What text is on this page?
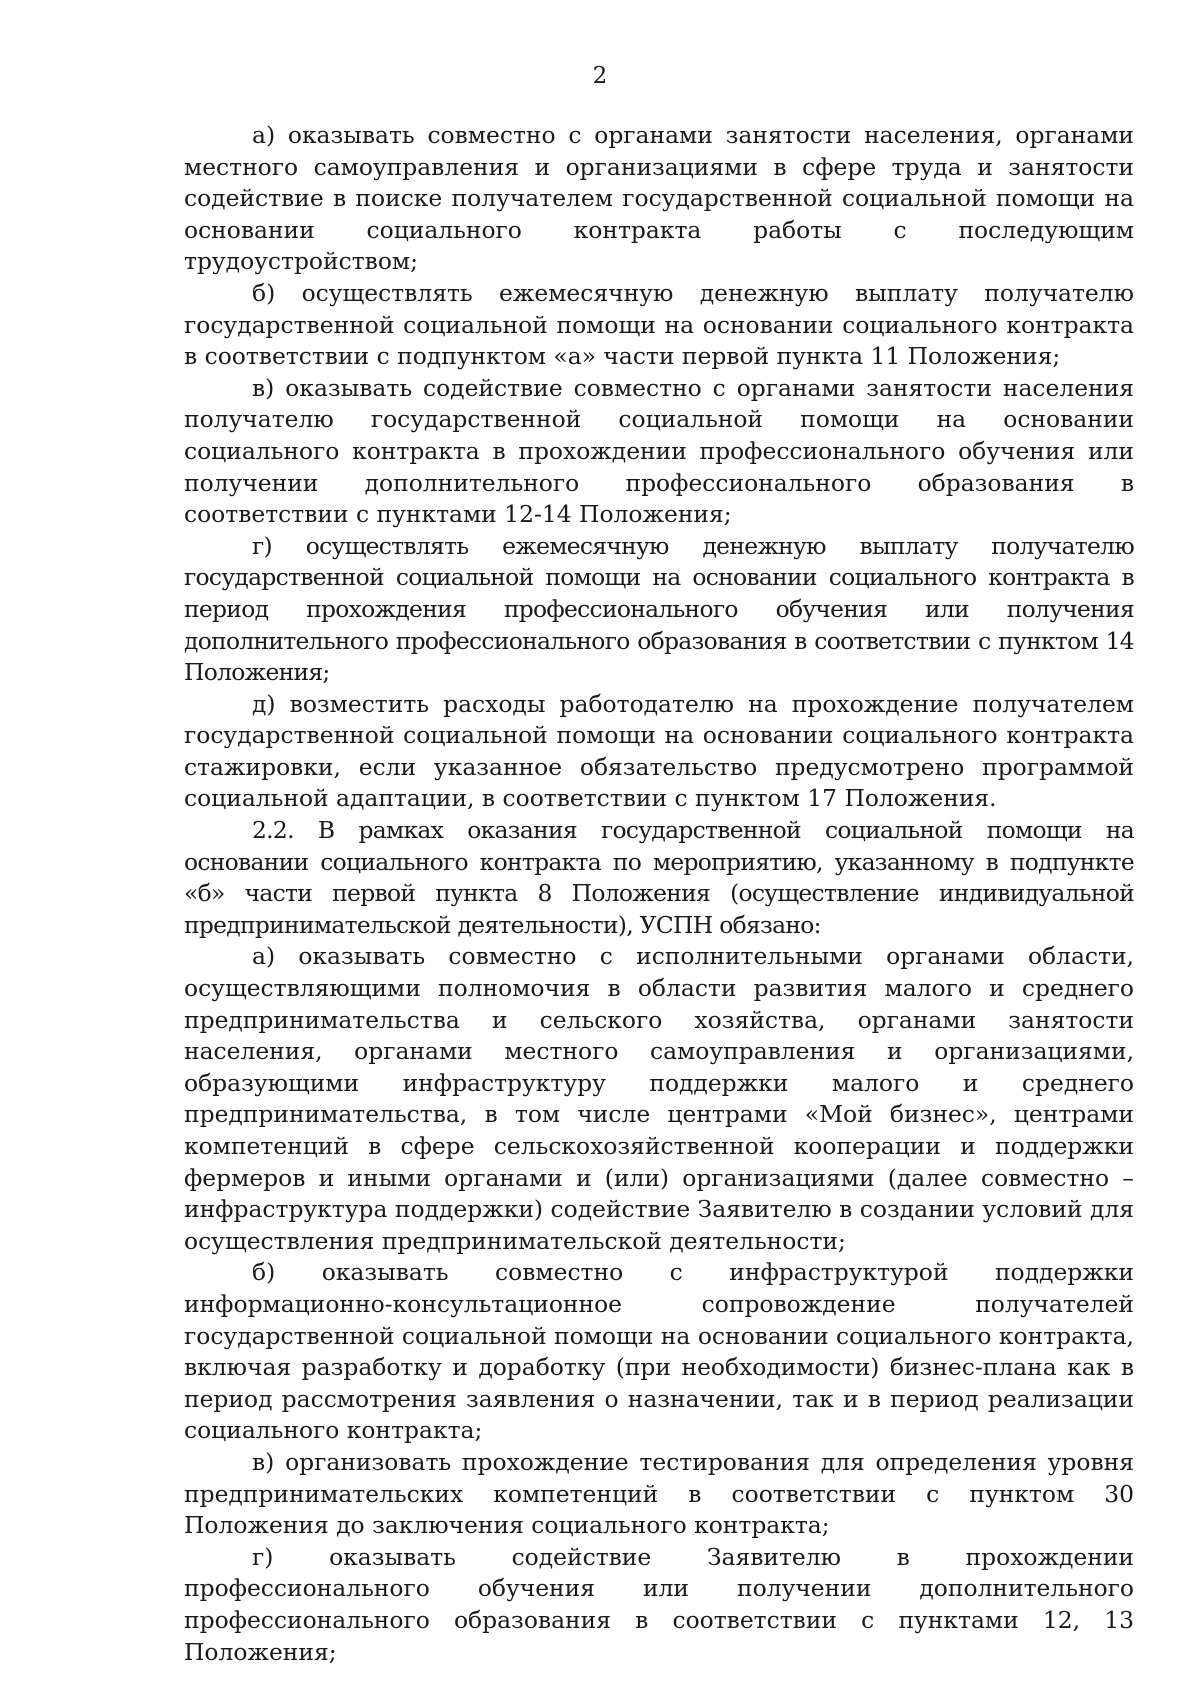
2

а) оказывать совместно с органами занятости населения, органами местного самоуправления и организациями в сфере труда и занятости содействие в поиске получателем государственной социальной помощи на основании социального контракта работы с последующим трудоустройством;

б) осуществлять ежемесячную денежную выплату получателю государственной социальной помощи на основании социального контракта в соответствии с подпунктом «а» части первой пункта 11 Положения;

в) оказывать содействие совместно с органами занятости населения получателю государственной социальной помощи на основании социального контракта в прохождении профессионального обучения или получении дополнительного профессионального образования в соответствии с пунктами 12-14 Положения;

г) осуществлять ежемесячную денежную выплату получателю государственной социальной помощи на основании социального контракта в период прохождения профессионального обучения или получения дополнительного профессионального образования в соответствии с пунктом 14 Положения;

д) возместить расходы работодателю на прохождение получателем государственной социальной помощи на основании социального контракта стажировки, если указанное обязательство предусмотрено программой социальной адаптации, в соответствии с пунктом 17 Положения.

2.2. В рамках оказания государственной социальной помощи на основании социального контракта по мероприятию, указанному в подпункте «б» части первой пункта 8 Положения (осуществление индивидуальной предпринимательской деятельности), УСПН обязано:

а) оказывать совместно с исполнительными органами области, осуществляющими полномочия в области развития малого и среднего предпринимательства и сельского хозяйства, органами занятости населения, органами местного самоуправления и организациями, образующими инфраструктуру поддержки малого и среднего предпринимательства, в том числе центрами «Мой бизнес», центрами компетенций в сфере сельскохозяйственной кооперации и поддержки фермеров и иными органами и (или) организациями (далее совместно – инфраструктура поддержки) содействие Заявителю в создании условий для осуществления предпринимательской деятельности;

б) оказывать совместно с инфраструктурой поддержки информационно-консультационное сопровождение получателей государственной социальной помощи на основании социального контракта, включая разработку и доработку (при необходимости) бизнес-плана как в период рассмотрения заявления о назначении, так и в период реализации социального контракта;

в) организовать прохождение тестирования для определения уровня предпринимательских компетенций в соответствии с пунктом 30 Положения до заключения социального контракта;

г) оказывать содействие Заявителю в прохождении профессионального обучения или получении дополнительного профессионального образования в соответствии с пунктами 12, 13 Положения;
